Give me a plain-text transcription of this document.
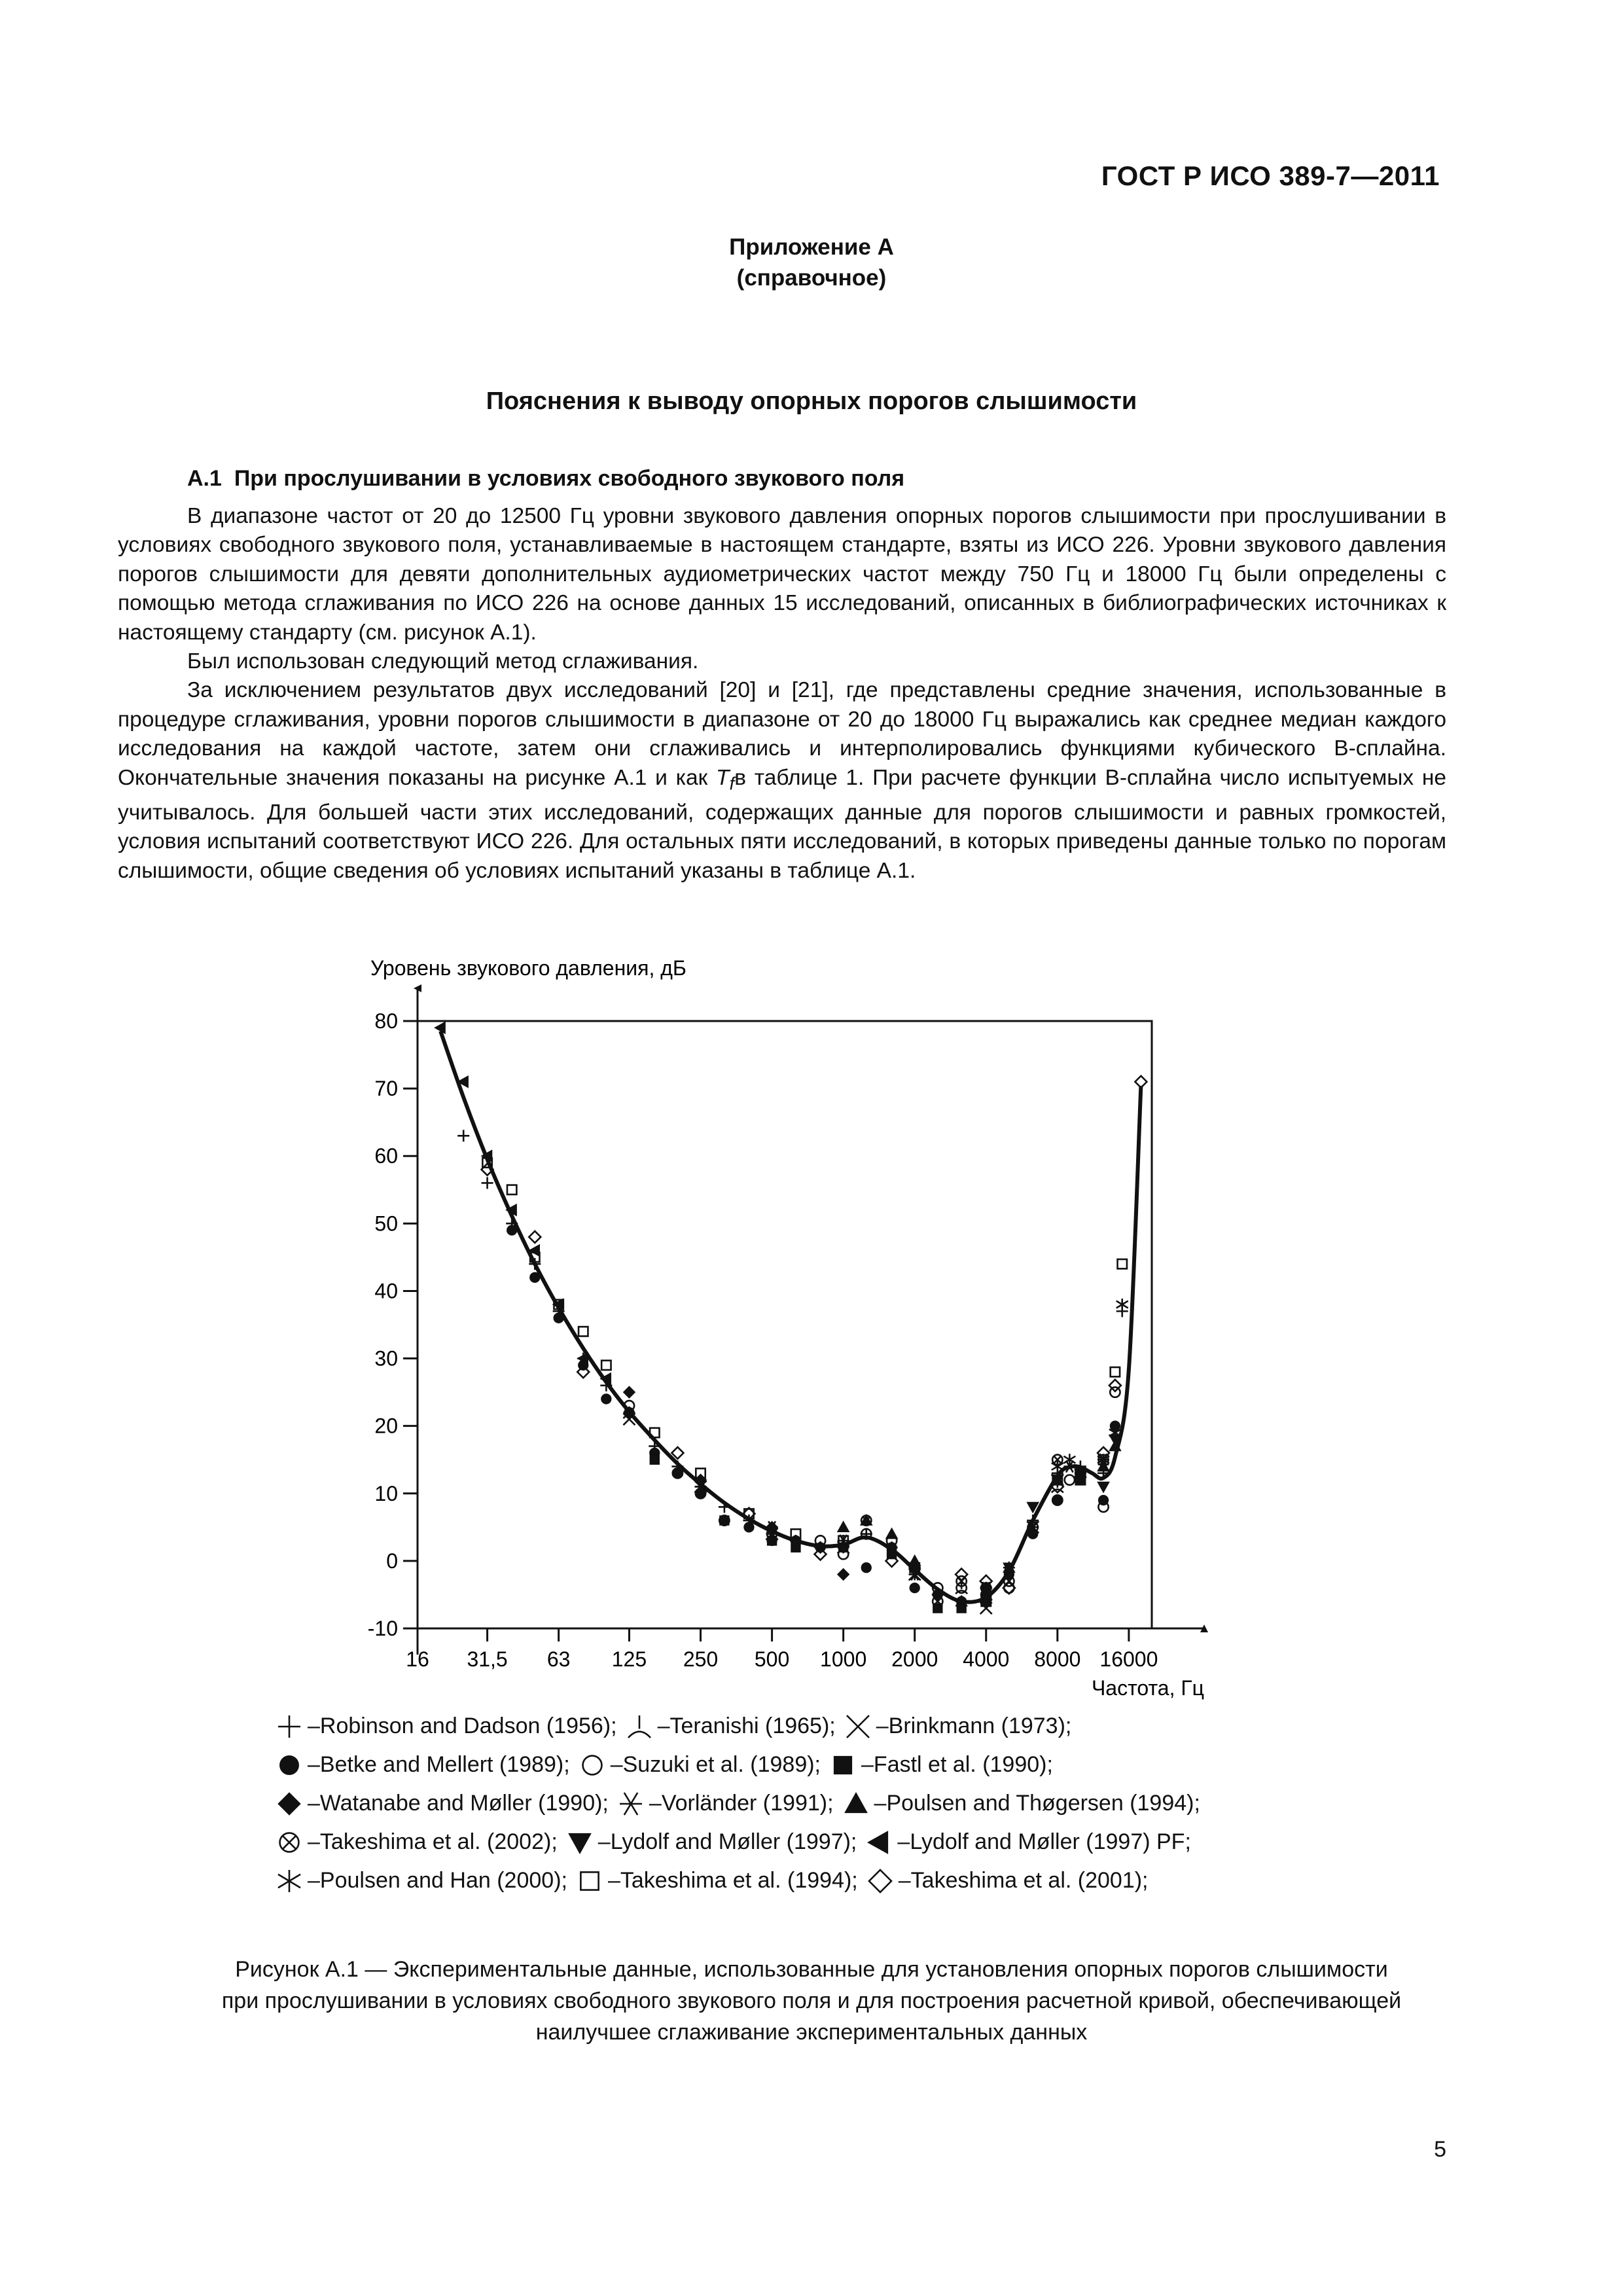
ГОСТ Р ИСО 389-7—2011
Приложение А
(справочное)
Пояснения к выводу опорных порогов слышимости
А.1 При прослушивании в условиях свободного звукового поля

В диапазоне частот от 20 до 12500 Гц уровни звукового давления опорных порогов слышимости при прослушивании в условиях свободного звукового поля, устанавливаемые в настоящем стандарте, взяты из ИСО 226. Уровни звукового давления порогов слышимости для девяти дополнительных аудиометрических частот между 750 Гц и 18000 Гц были определены с помощью метода сглаживания по ИСО 226 на основе данных 15 исследований, описанных в библиографических источниках к настоящему стандарту (см. рисунок А.1).

Был использован следующий метод сглаживания.

За исключением результатов двух исследований [20] и [21], где представлены средние значения, использованные в процедуре сглаживания, уровни порогов слышимости в диапазоне от 20 до 18000 Гц выражались как среднее медиан каждого исследования на каждой частоте, затем они сглаживались и интерполировались функциями кубического В-сплайна. Окончательные значения показаны на рисунке А.1 и как $T_fв$ таблице 1. При расчете функции В-сплайна число испытуемых не учитывалось. Для большей части этих исследований, содержащих данные для порогов слышимости и равных громкостей, условия испытаний соответствуют ИСО 226. Для остальных пяти исследований, в которых приведены данные только по порогам слышимости, общие сведения об условиях испытаний указаны в таблице А.1.

80
70
60
50
40
30
20
10
0
-10
16 31,5 63 125 250 500 1000 2000 4000 8000 16000
Уровень звукового давления, дБ
Частота, Гц
– Robinson and Dadson (1956); – Teranishi (1965); – Brinkmann (1973);
– Betke and Mellert (1989); – Suzuki et al. (1989); – Fastl et al. (1990);
– Watanabe and Møller (1990); – Vorländer (1991); – Poulsen and Thøgersen (1994);
– Takeshima et al. (2002); – Lydolf and Møller (1997); – Lydolf and Møller (1997) PF;
– Poulsen and Han (2000); – Takeshima et al. (1994); – Takeshima et al. (2001);
Рисунок А.1 — Экспериментальные данные, использованные для установления опорных порогов слышимости
при прослушивании в условиях свободного звукового поля и для построения расчетной кривой, обеспечивающей
наилучшее сглаживание экспериментальных данных
5
